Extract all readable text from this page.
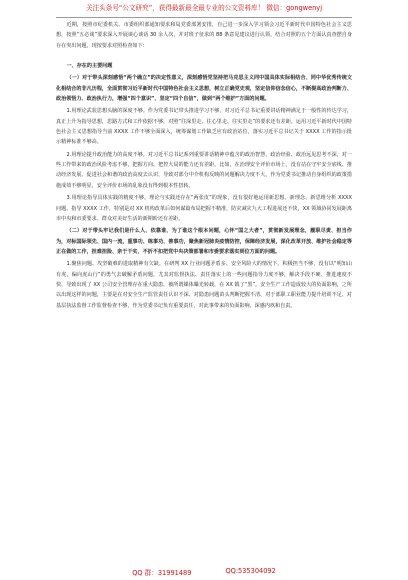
关注头条号“公文研究”，获得最新最全最专业的公文资料库！ 微信：gongwenyj

近期，按照市纪委机关、市委组织部通知要求和局党委部署安排，自己进一步深入学习领会习近平新时代中国特色社会主义思想，按照“五必谈”要求深入开展谈心谈话 30 余人次，并对班子征求的 88 条意见建议进行认领，结合对照的五个方面认真查摆自身存在突出问题，现按要求对照检查如下：

一、存在的主要问题

（一）对于带头深刻感悟“两个确立”的决定性意义，深刻感悟党坚持把马克思主义同中国具体实际相结合、同中华优秀传统文化相结合的非凡历程，全面贯彻习近平新时代中国特色社会主义思想，树立正确党史观，坚定信仰信念信心，不断提高政治判断力、政治领悟力、政治执行力，增强“四个意识”、坚定“四个自信”，做到“两个维护”方面的问题。

1.用理论武装思想头脑的深度不够。作为党委书记带头推进学习不够，对习近平总书记重要讲话精神满足于一般性的传达学习，真正上升为指导思想，思路方式和工作依据不够，对照“往深里走、往心里走、往实里走”的要求还有差距。运用习近平新时代中国特色社会主义思想指导当前 XXXX 工作不够全面深入，统筹谋划工作缺乏应有政治站位，落实习近平总书记关于 XXXX 工作的指示批示精神标准不够高。

2.用理论提升政治能力的高度不够。对习近平总书记系列重要讲话精神中蕴含的政治智慧、政治经验、政治远见思考不深，对一些工作带来的政治风险考虑不够，把握方向、把控大局的能力还有差距。比如，在治理安全评价市场上，没有站在守牢安全底线、推动经济发展、促进社会和谐的政治高度去认识，导致对部分中介机构反映的问题解决力度不大，作为党委书记推动自身组织的政策措施成效不够明显，安全评价市场的乱象没有得到根本性扭转。

3.用理论指导具体实践的精度不够。理论与实践还存在“两张皮”的现象，没有很好地运用新思想、新理念、新思维分析 XXXX 问题、指导 XXXX 工作，特别是对 XX 机构改革后如何谋篇布局把握不精准，防灾减灾九大工程进展还不快，XX 领域协同发展距离市中央和市委要求、群众对美好生活的新期盼还有差距。

（二）对于带头牢记我们是什么人、依靠谁、为了谁这个根本问题，心怀“国之大者”，贯彻新发展理念，履职尽责、担当作为，对标国际领先、国内一流，重事功、练事功、善事功，聚焦新冠肺炎疫情防控，保障经济发展，深化改革开放、维护社会稳定等正在做的工作，担难担险、亲于干实，不折不扣把党中央决策部署和市委要求落实到位方面的问题。

1.聚焦问题、攻坚破难的进取精神有欠缺。在研判 XX 行业问题矛盾多、安全风险大的情况下，积极担当不够，没有以“明知山有虎，偏向虎山行”的勇气去破解矛盾问题，尤其对监督执法、责任落实上的一些问题指导力度不够，解决手段不硬、推进速度不快，导致出现了 XX 公司安全管理存在重大隐患，被所谓媒体曝光转载，在 XX 镇了“黑”。安全生产工作造成较大的负面影响，之所以出现这样的问题，主要是在对安全生产监管责任认识不深、对隐患问题苗头判断把握不清、对于部职工职业能力提升培训不足、对基层执法监督工作监督检查不够，作为党委书记负有重要责任，对此事带来的负面影响，深感内疚和自责。

QQ 群：31991489	QQ:535304092
